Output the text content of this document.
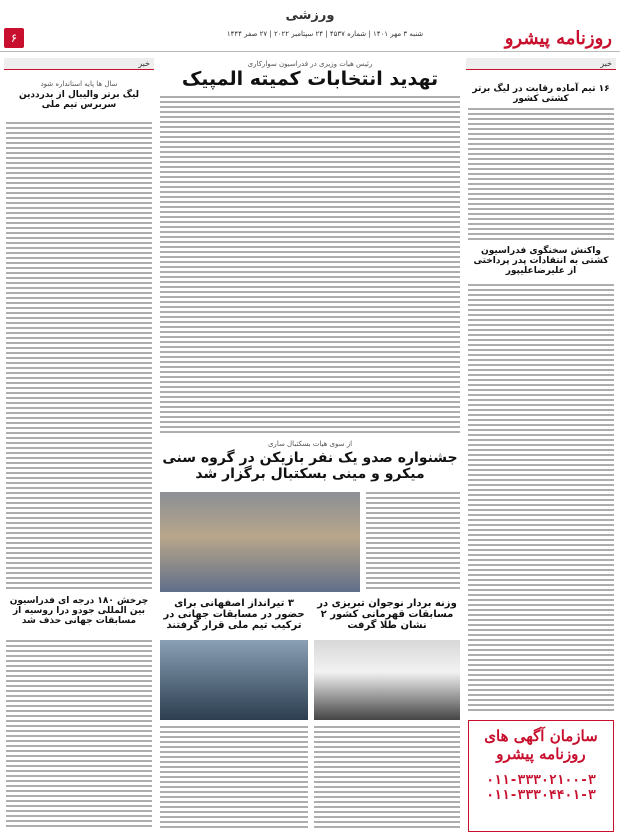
۶
ورزشی
روزنامه پیشرو
شنبه ۳ مهر ۱۴۰۱ | شماره ۴۵۳۷ | ۲۴ سپتامبر ۲۰۲۲ | ۲۷ صفر ۱۴۴۴
خبر
۱۶ تیم آماده رقابت در لیگ برتر کشتی کشور
واکنش سخنگوی فدراسیون کشتی به انتقادات پدر پرداختی از علیرضاعلیپور
سازمان آگهی های
روزنامه پیشرو
۰۱۱-۳۳۳۰۲۱۰۰-۳
۰۱۱-۳۳۳۰۴۴۰۱-۳
رئیس هیات وزیری در فدراسیون سوارکاری
تهدید انتخابات کمیته المپیک
خبر
سال ها پایه استانداره شود
لیگ برتر والیبال از بدرددین سربرس تیم ملی
چرخش ۱۸۰ درجه ای فدراسیون بین المللی جودو درا روسیه از مسابقات جهانی حذف شد
از سوی هیات بسکتبال ساری
جشنواره صدو یک نفر بازیکن در گروه سنی میکرو و مینی بسکتبال برگزار شد
وزنه بردار نوجوان تبریزی در مسابقات قهرمانی کشور ۲ نشان طلا گرفت
۳ تیرانداز اصفهانی برای حضور در مسابقات جهانی در ترکیب تیم ملی قرار گرفتند
